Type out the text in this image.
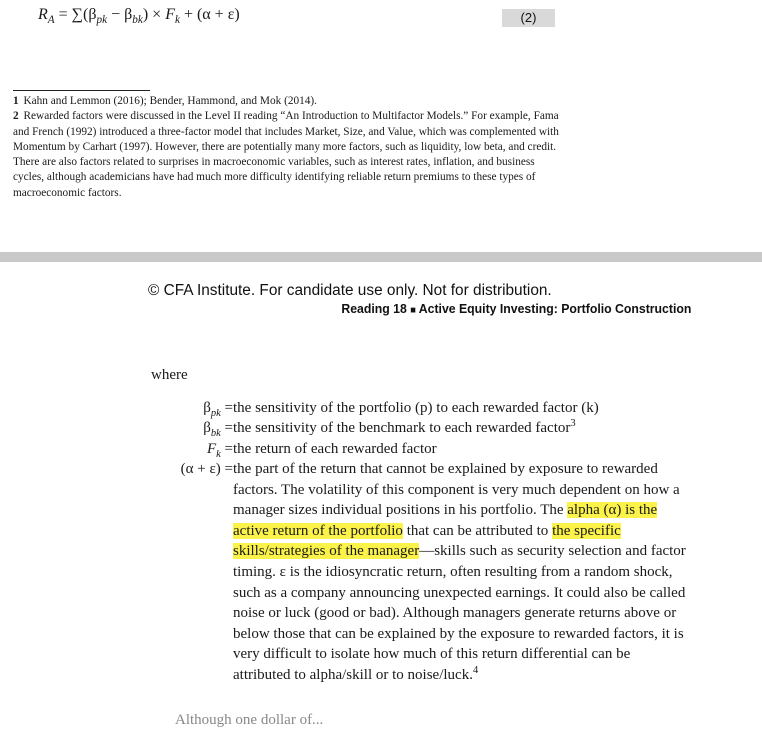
$R_A = \sum(\beta_{pk} - \beta_{bk}) \times F_k + (\alpha + \varepsilon)$	(2)

1 Kahn and Lemmon (2016); Bender, Hammond, and Mok (2014).

2 Rewarded factors were discussed in the Level II reading “An Introduction to Multifactor Models.” For example, Fama and French (1992) introduced a three-factor model that includes Market, Size, and Value, which was complemented with Momentum by Carhart (1997). However, there are potentially many more factors, such as liquidity, low beta, and credit. There are also factors related to surprises in macroeconomic variables, such as interest rates, inflation, and business cycles, although academicians have had much more difficulty identifying reliable return premiums to these types of macroeconomic factors.

© CFA Institute. For candidate use only. Not for distribution.
Reading 18 ■ Active Equity Investing: Portfolio Construction
where
$\beta_{pk}$ = the sensitivity of the portfolio (p) to each rewarded factor (k)
$\beta_{bk}$ = the sensitivity of the benchmark to each rewarded factor$^3$
$F_k$ = the return of each rewarded factor
(α + ε) = the part of the return that cannot be explained by exposure to rewarded factors. The volatility of this component is very much dependent on how a manager sizes individual positions in his portfolio. The alpha (α) is the active return of the portfolio that can be attributed to the specific skills/strategies of the manager—skills such as security selection and factor timing. ε is the idiosyncratic return, often resulting from a random shock, such as a company announcing unexpected earnings. It could also be called noise or luck (good or bad). Although managers generate returns above or below those that can be explained by the exposure to rewarded factors, it is very difficult to isolate how much of this return differential can be attributed to alpha/skill or to noise/luck.$^4$
Although one dollar of...
